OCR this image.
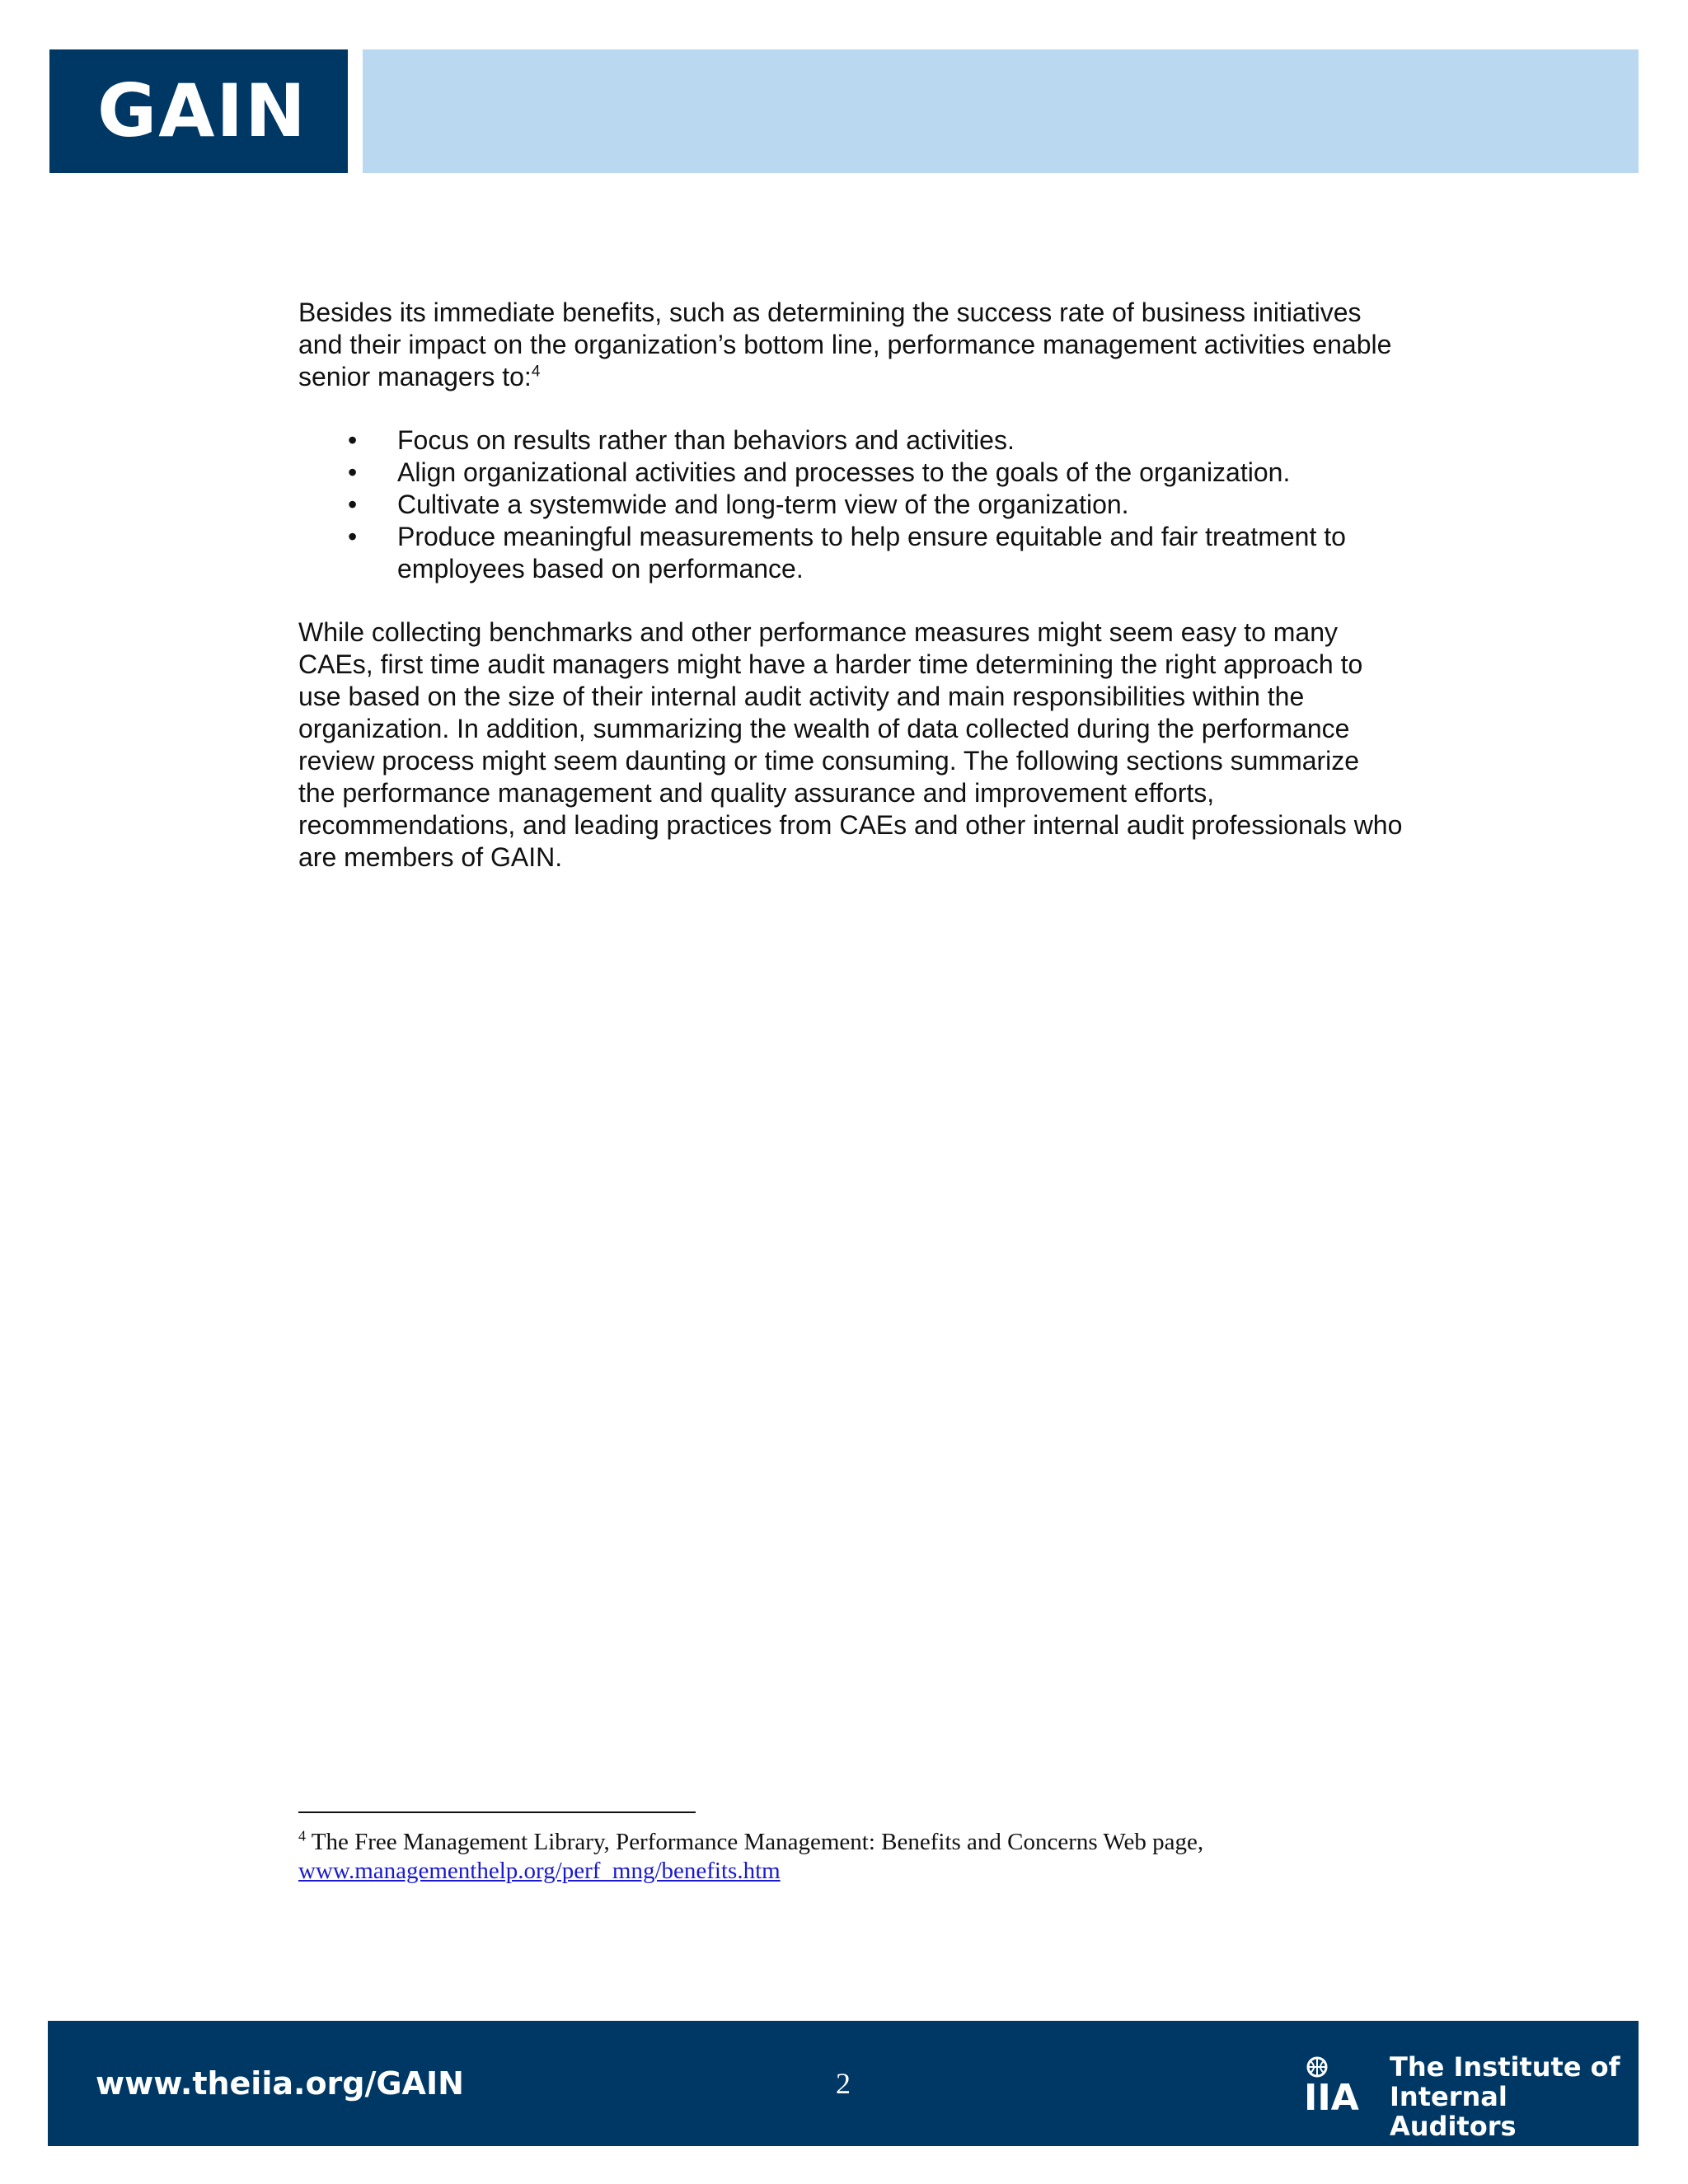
GAIN

Besides its immediate benefits, such as determining the success rate of business initiatives and their impact on the organization’s bottom line, performance management activities enable senior managers to:$^4$

• Focus on results rather than behaviors and activities.
• Align organizational activities and processes to the goals of the organization.
• Cultivate a systemwide and long-term view of the organization.
• Produce meaningful measurements to help ensure equitable and fair treatment to employees based on performance.

While collecting benchmarks and other performance measures might seem easy to many CAEs, first time audit managers might have a harder time determining the right approach to use based on the size of their internal audit activity and main responsibilities within the organization. In addition, summarizing the wealth of data collected during the performance review process might seem daunting or time consuming. The following sections summarize the performance management and quality assurance and improvement efforts, recommendations, and leading practices from CAEs and other internal audit professionals who are members of GAIN.

$^4$ The Free Management Library, Performance Management: Benefits and Concerns Web page,
www.managementhelp.org/perf_mng/benefits.htm
www.theiia.org/GAIN	2	IIA
The Institute of
Internal Auditors
